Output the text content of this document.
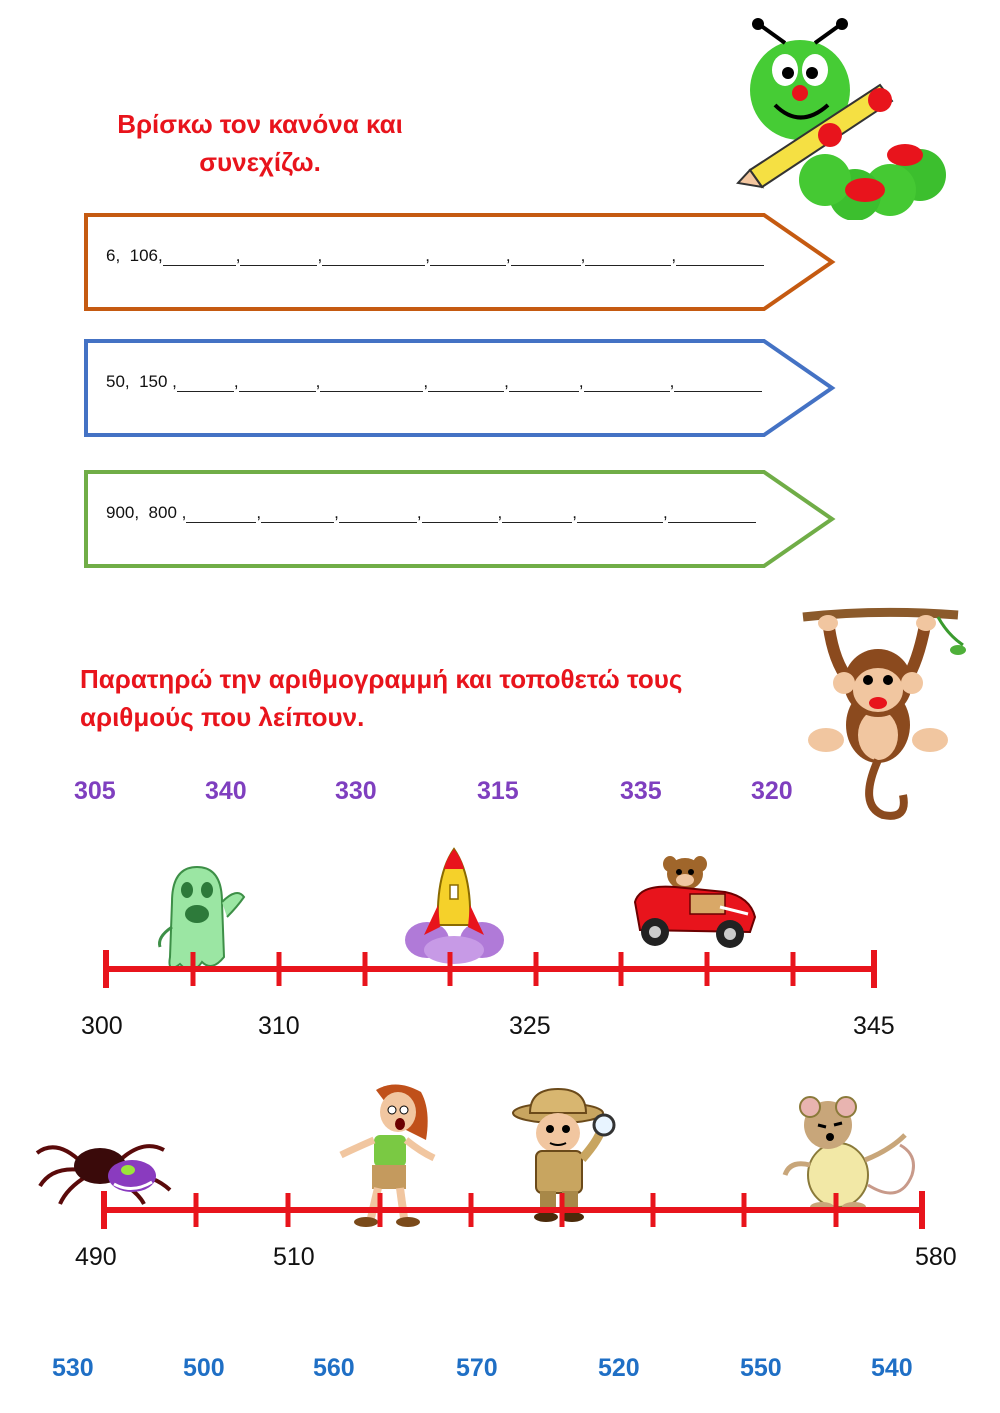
Βρίσκω τον κανόνα και
συνεχίζω.
6,  106,	,	,	,	,	,	,
50,  150 ,	,	,	,	,	,	,
900,  800 ,	,	,	,	,	,	,
Παρατηρώ την αριθμογραμμή και τοποθετώ τους
αριθμούς που λείπουν.
305	340	330	315	335	320
300	310	325	345
490	510	580
530	500	560	570	520	550	540
